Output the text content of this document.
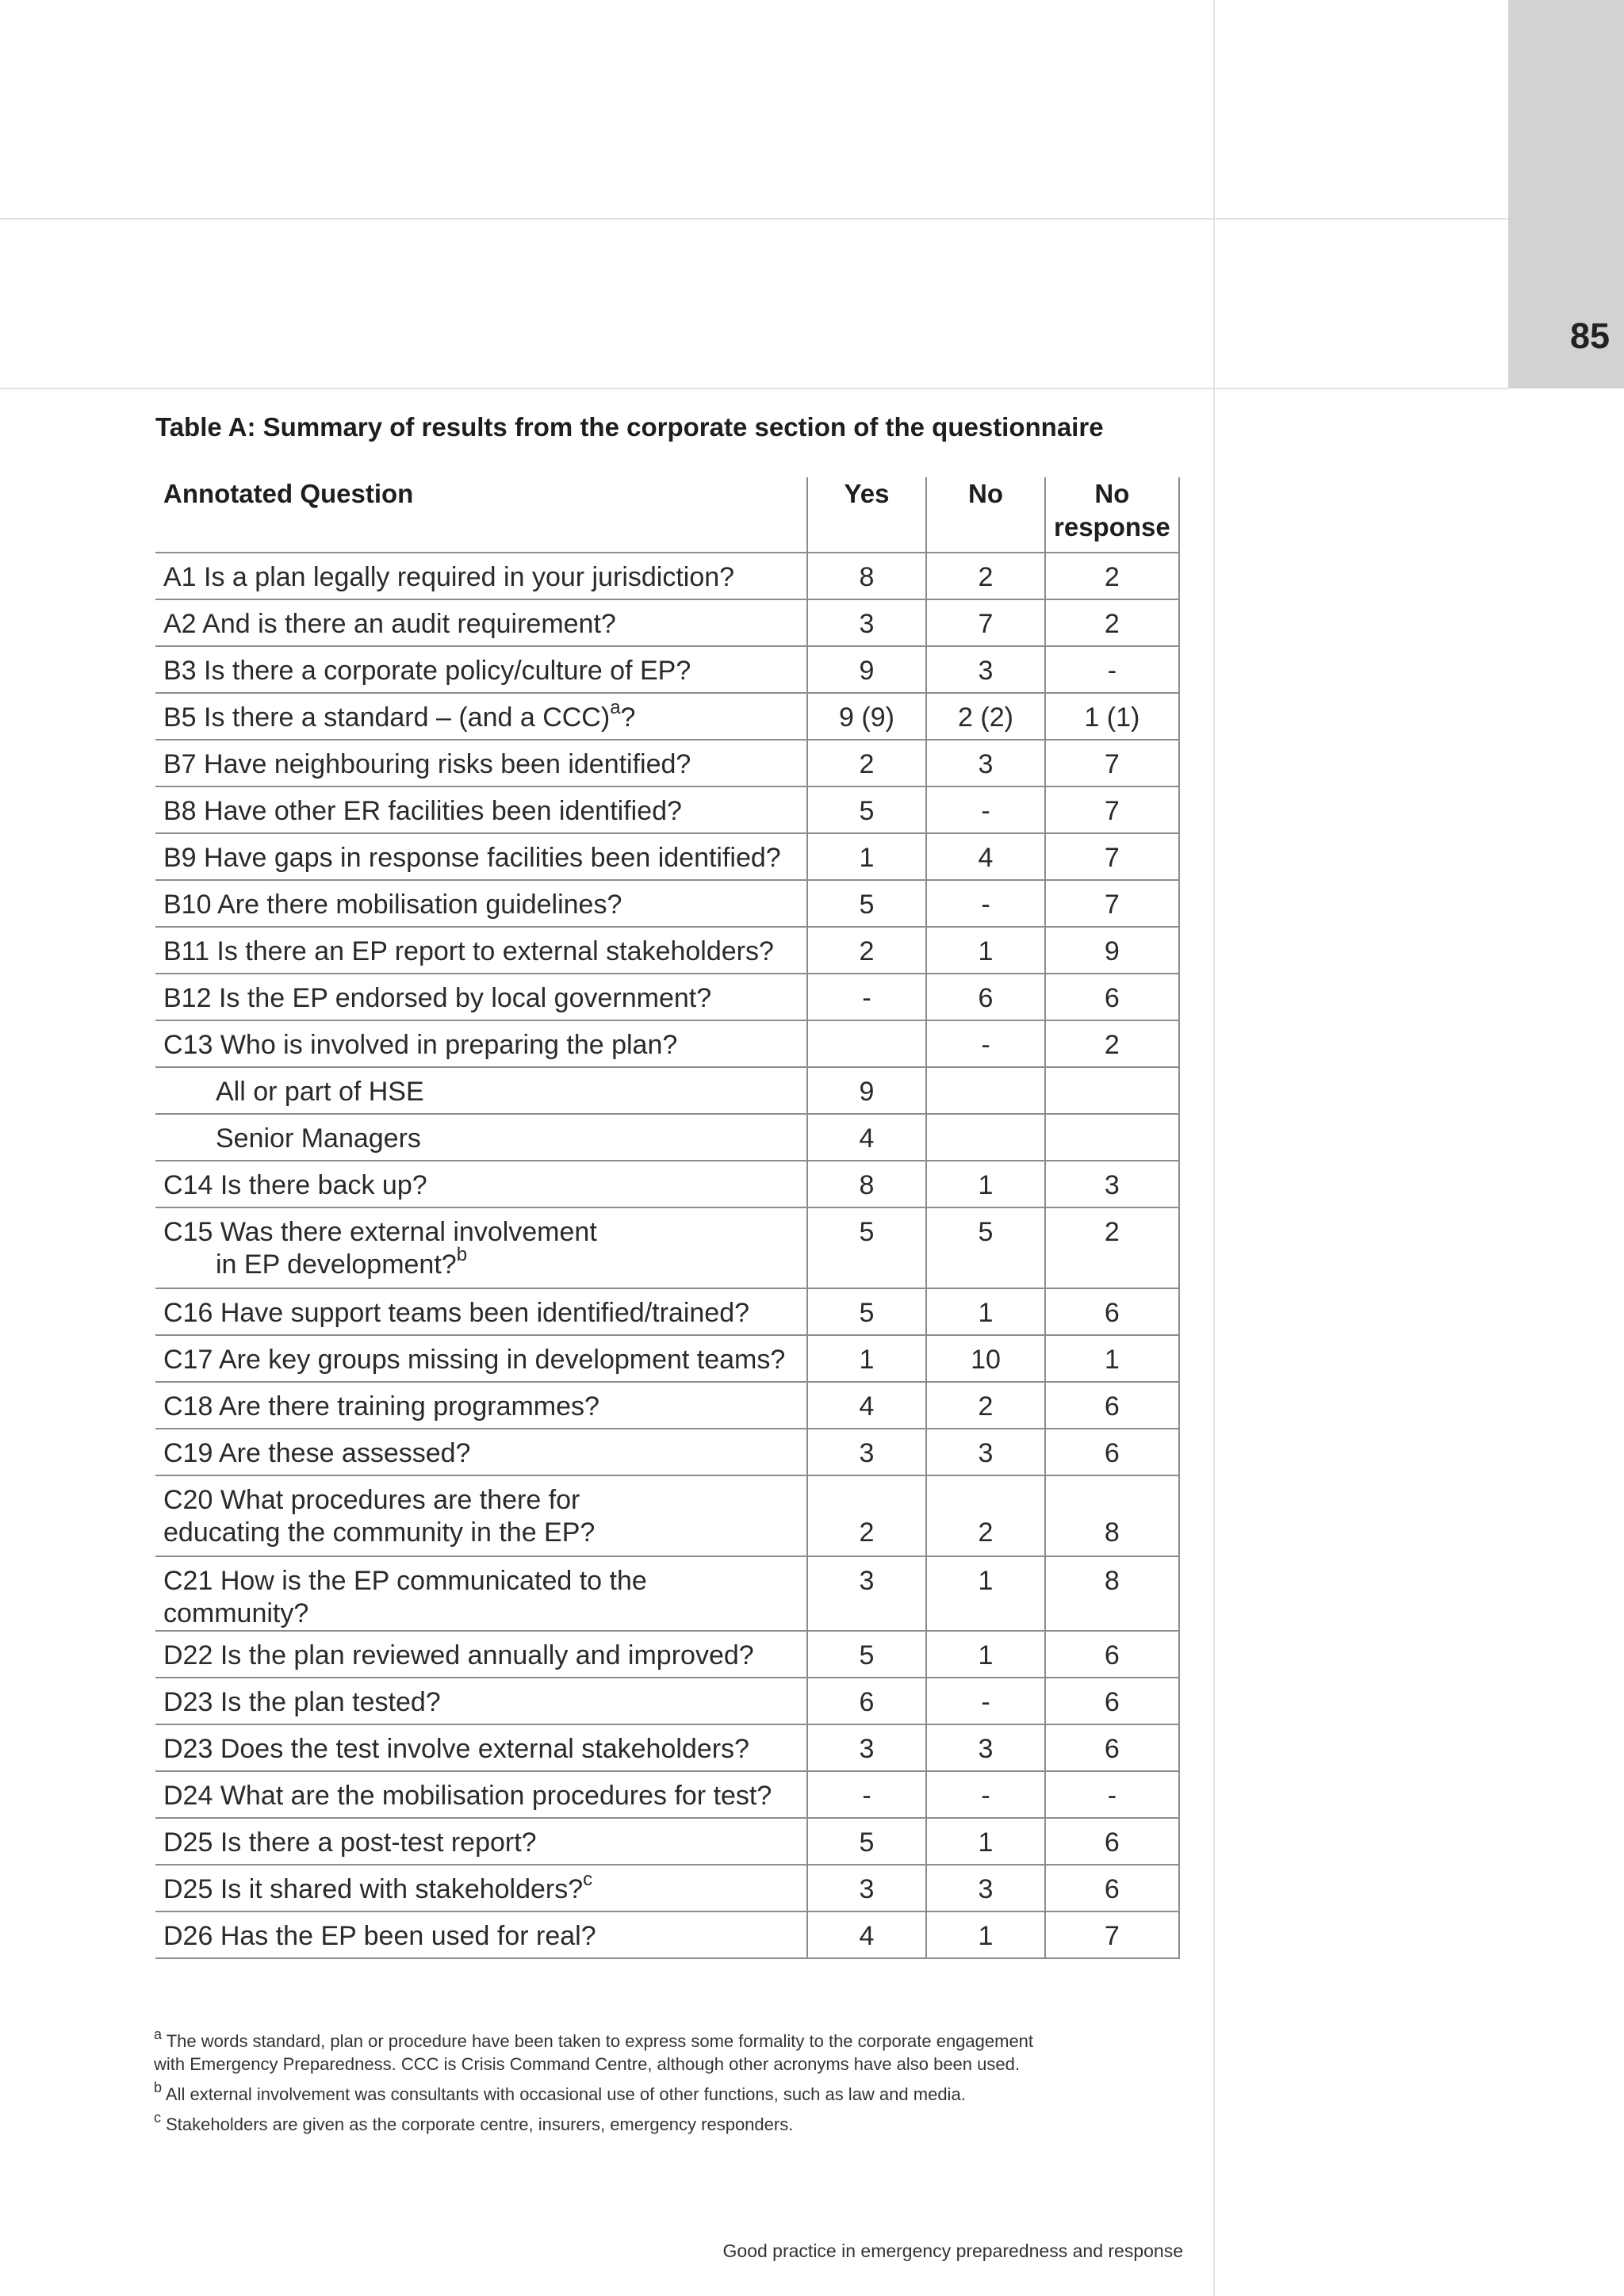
85
Table A: Summary of results from the corporate section of the questionnaire
Annotated Question	Yes	No	No
response
A1 Is a plan legally required in your jurisdiction?	8	2	2
A2 And is there an audit requirement?	3	7	2
B3 Is there a corporate policy/culture of EP?	9	3	-
B5 Is there a standard – (and a CCC)$^a$?	9 (9)	2 (2)	1 (1)
B7 Have neighbouring risks been identified?	2	3	7
B8 Have other ER facilities been identified?	5	-	7
B9 Have gaps in response facilities been identified?	1	4	7
B10 Are there mobilisation guidelines?	5	-	7
B11 Is there an EP report to external stakeholders?	2	1	9
B12 Is the EP endorsed by local government?	-	6	6
C13 Who is involved in preparing the plan?		-	2
All or part of HSE	9		
Senior Managers	4		
C14 Is there back up?	8	1	3
C15 Was there external involvement
in EP development?$^b$	5	5	2
C16 Have support teams been identified/trained?	5	1	6
C17 Are key groups missing in development teams?	1	10	1
C18 Are there training programmes?	4	2	6
C19 Are these assessed?	3	3	6
C20 What procedures are there for
educating the community in the EP?	2	2	8
C21 How is the EP communicated to the community?	3	1	8
D22 Is the plan reviewed annually and improved?	5	1	6
D23 Is the plan tested?	6	-	6
D23 Does the test involve external stakeholders?	3	3	6
D24 What are the mobilisation procedures for test?	-	-	-
D25 Is there a post-test report?	5	1	6
D25 Is it shared with stakeholders?$^c$	3	3	6
D26 Has the EP been used for real?	4	1	7
$^a$ The words standard, plan or procedure have been taken to express some formality to the corporate engagement
with Emergency Preparedness. CCC is Crisis Command Centre, although other acronyms have also been used.
$^b$ All external involvement was consultants with occasional use of other functions, such as law and media.
$^c$ Stakeholders are given as the corporate centre, insurers, emergency responders.
Good practice in emergency preparedness and response
